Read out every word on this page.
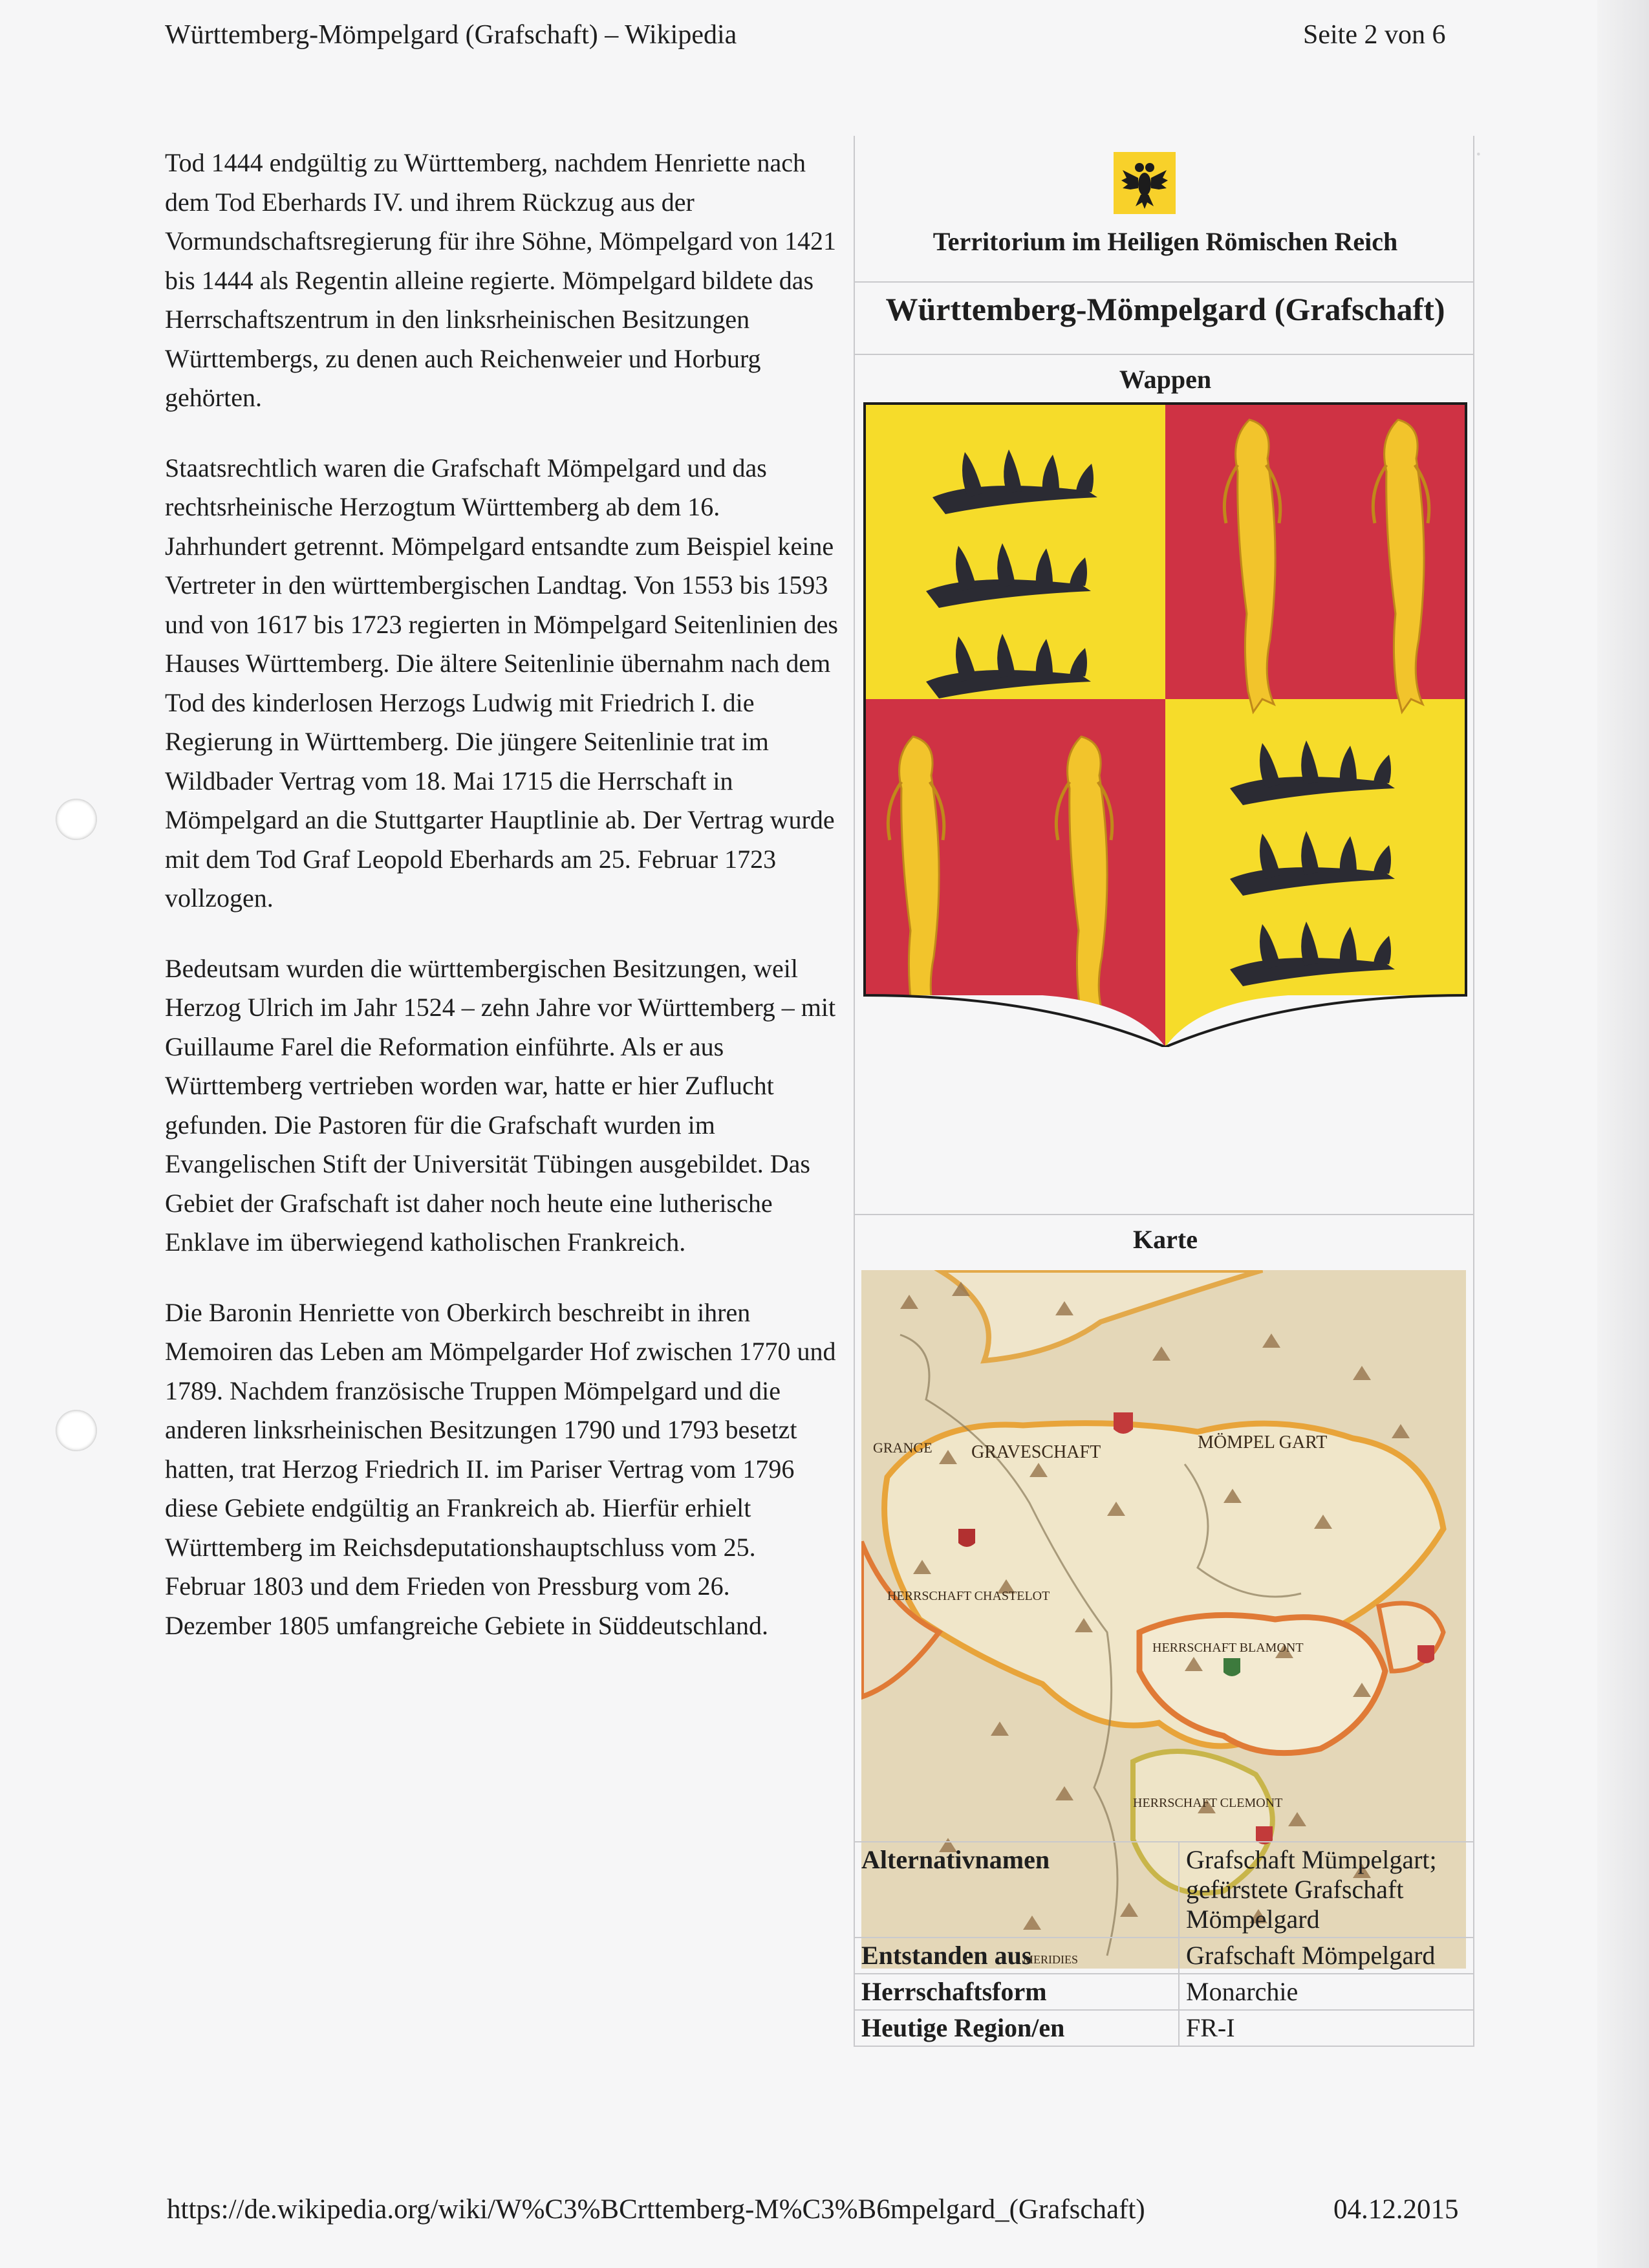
·
Württemberg-Mömpelgard (Grafschaft) – Wikipedia	Seite 2 von 6

Tod 1444 endgültig zu Württemberg, nachdem Henriette nach dem Tod Eberhards IV. und ihrem Rückzug aus der Vormundschaftsregierung für ihre Söhne, Mömpelgard von 1421 bis 1444 als Regentin alleine regierte. Mömpelgard bildete das Herrschaftszentrum in den linksrheinischen Besitzungen Württembergs, zu denen auch Reichenweier und Horburg gehörten.

Staatsrechtlich waren die Grafschaft Mömpelgard und das rechtsrheinische Herzogtum Württemberg ab dem 16. Jahrhundert getrennt. Mömpelgard entsandte zum Beispiel keine Vertreter in den württembergischen Landtag. Von 1553 bis 1593 und von 1617 bis 1723 regierten in Mömpelgard Seitenlinien des Hauses Württemberg. Die ältere Seitenlinie übernahm nach dem Tod des kinderlosen Herzogs Ludwig mit Friedrich I. die Regierung in Württemberg. Die jüngere Seitenlinie trat im Wildbader Vertrag vom 18. Mai 1715 die Herrschaft in Mömpelgard an die Stuttgarter Hauptlinie ab. Der Vertrag wurde mit dem Tod Graf Leopold Eberhards am 25. Februar 1723 vollzogen.

Bedeutsam wurden die württembergischen Besitzungen, weil Herzog Ulrich im Jahr 1524 – zehn Jahre vor Württemberg – mit Guillaume Farel die Reformation einführte. Als er aus Württemberg vertrieben worden war, hatte er hier Zuflucht gefunden. Die Pastoren für die Grafschaft wurden im Evangelischen Stift der Universität Tübingen ausgebildet. Das Gebiet der Grafschaft ist daher noch heute eine lutherische Enklave im überwiegend katholischen Frankreich.

Die Baronin Henriette von Oberkirch beschreibt in ihren Memoiren das Leben am Mömpelgarder Hof zwischen 1770 und 1789. Nachdem französische Truppen Mömpelgard und die anderen linksrheinischen Besitzungen 1790 und 1793 besetzt hatten, trat Herzog Friedrich II. im Pariser Vertrag vom 1796 diese Gebiete endgültig an Frankreich ab. Hierfür erhielt Württemberg im Reichsdeputationshauptschluss vom 25. Februar 1803 und dem Frieden von Pressburg vom 26. Dezember 1805 umfangreiche Gebiete in Süddeutschland.

Territorium im Heiligen Römischen Reich
Württemberg-Mömpelgard (Grafschaft)
Wappen
Karte
GRANGE GRAVESCHAFT	MÖMPEL GART
HERRSCHAFT CHASTELOT
HERRSCHAFT BLAMONT
HERRSCHAFT CLEMONT
MERIDIES
Alternativnamen	Grafschaft Mümpelgart; gefürstete Grafschaft Mömpelgard
Entstanden aus	Grafschaft Mömpelgard
Herrschaftsform	Monarchie
Heutige Region/en	FR-I
https://de.wikipedia.org/wiki/W%C3%BCrttemberg-M%C3%B6mpelgard_(Grafschaft)	04.12.2015
